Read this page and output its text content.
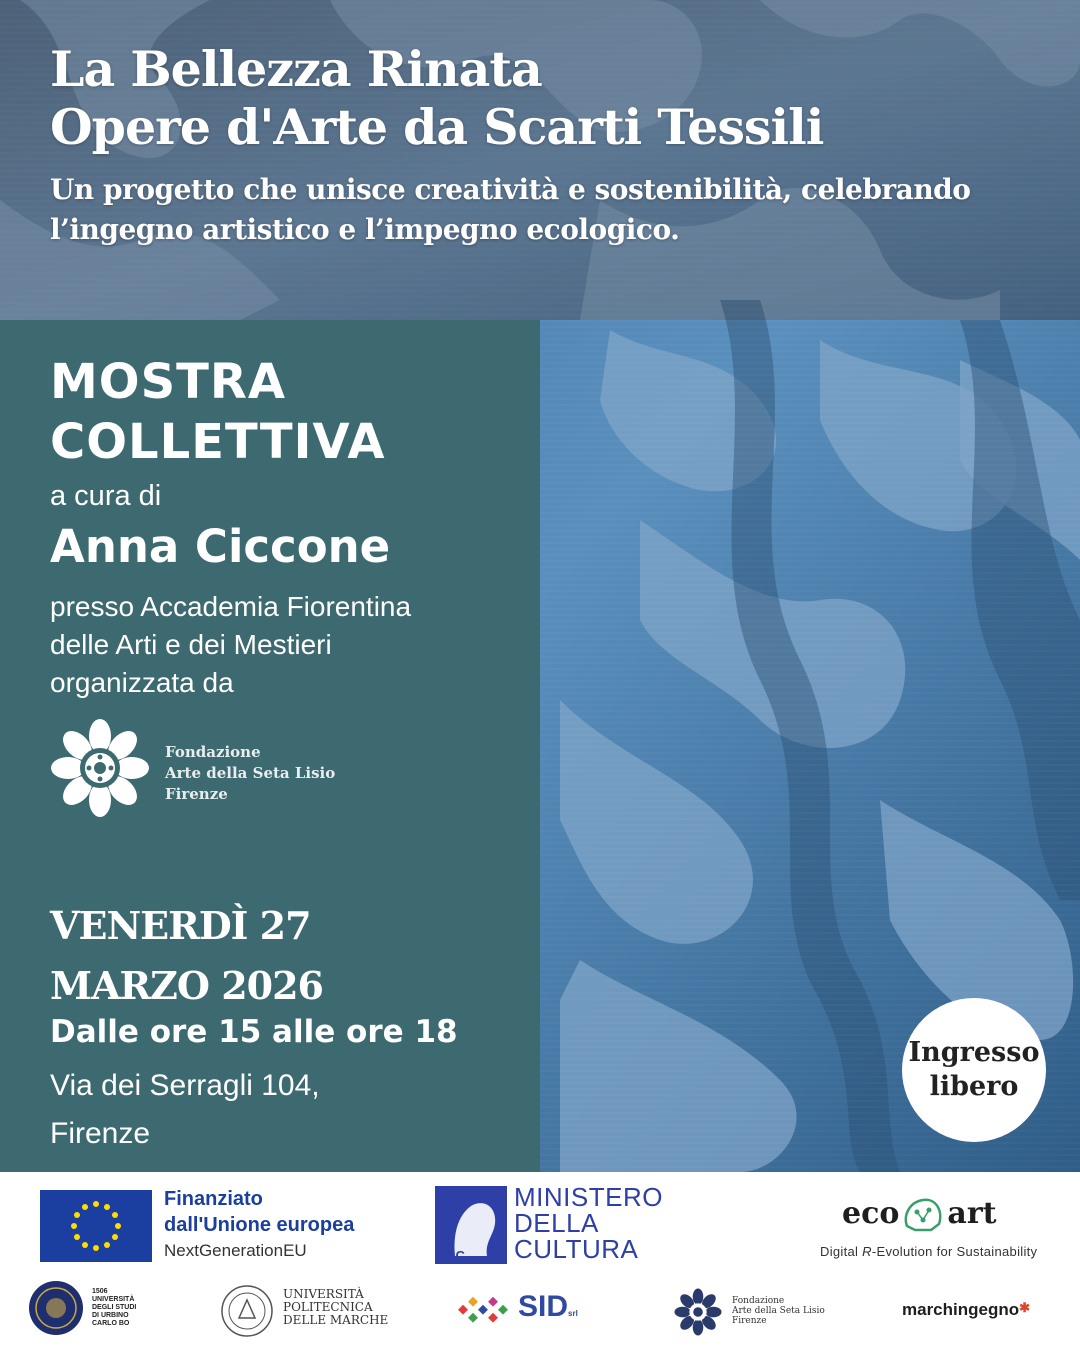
La Bellezza Rinata
Opere d'Arte da Scarti Tessili
Un progetto che unisce creatività e sostenibilità, celebrando
l’ingegno artistico e l’impegno ecologico.
MOSTRA
COLLETTIVA
a cura di
Anna Ciccone
presso Accademia Fiorentina
delle Arti e dei Mestieri
organizzata da
Fondazione
Arte della Seta Lisio
Firenze
VENERDÌ 27
MARZO 2026
Dalle ore 15 alle ore 18
Via dei Serragli 104,
Firenze
Ingresso
libero
Finanziato
dall'Unione europea
NextGenerationEU	MiC
MINISTERO
DELLA
CULTURA
eco art
Digital R-Evolution for Sustainability
1506
UNIVERSITÀ
DEGLI STUDI
DI URBINO
CARLO BO
UNIVERSITÀ
POLITECNICA
DELLE MARCHE	SIDsrl
Fondazione
Arte della Seta Lisio
Firenze
marchingegno✱
